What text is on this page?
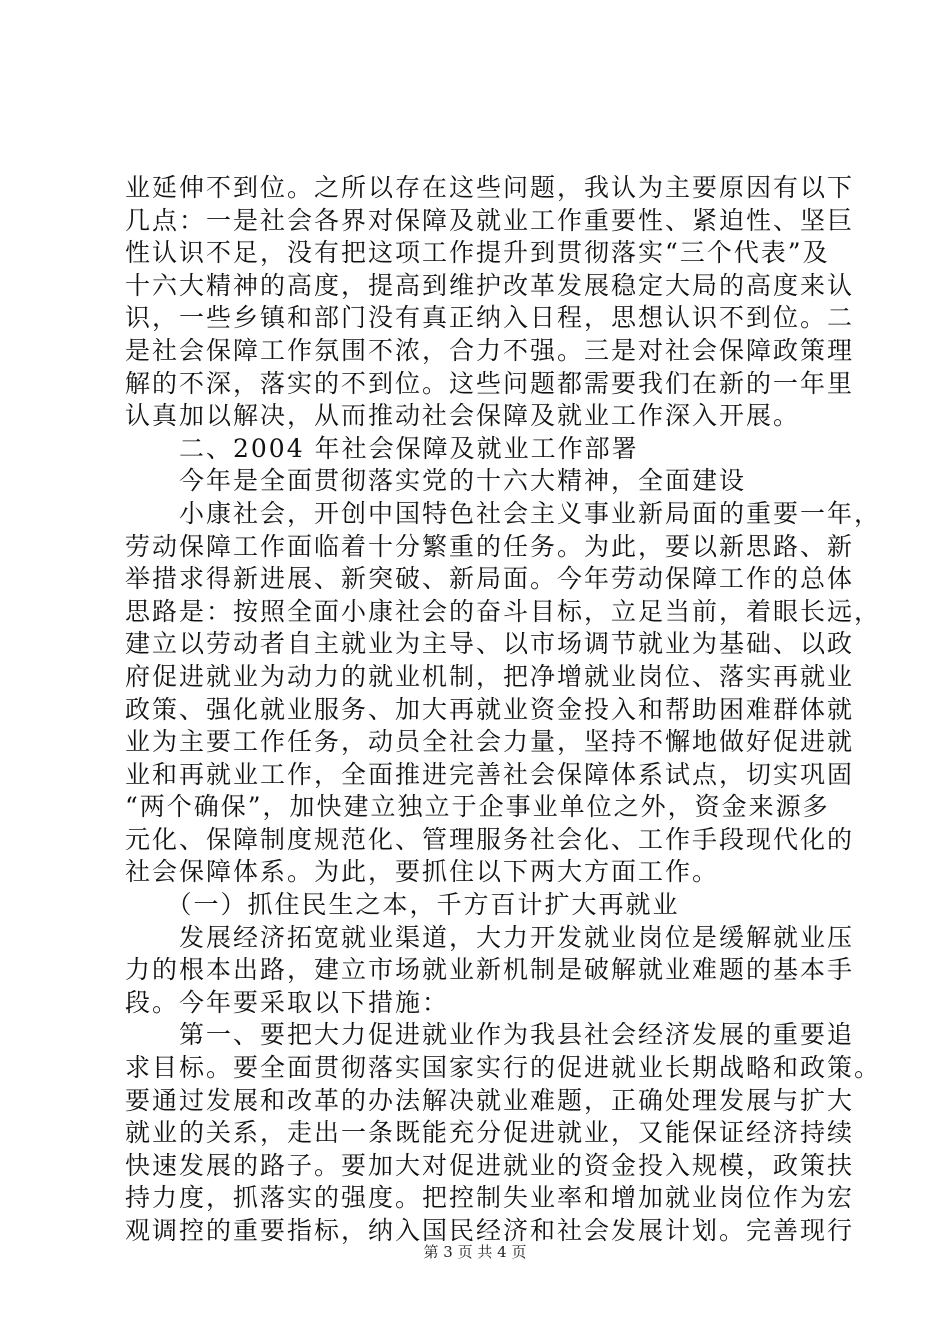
业延伸不到位。之所以存在这些问题，我认为主要原因有以下
几点：一是社会各界对保障及就业工作重要性、紧迫性、坚巨
性认识不足，没有把这项工作提升到贯彻落实“三个代表”及
十六大精神的高度，提高到维护改革发展稳定大局的高度来认
识，一些乡镇和部门没有真正纳入日程，思想认识不到位。二
是社会保障工作氛围不浓，合力不强。三是对社会保障政策理
解的不深，落实的不到位。这些问题都需要我们在新的一年里
认真加以解决，从而推动社会保障及就业工作深入开展。
　　二、2004 年社会保障及就业工作部署
　　今年是全面贯彻落实党的十六大精神，全面建设
　　小康社会，开创中国特色社会主义事业新局面的重要一年，
劳动保障工作面临着十分繁重的任务。为此，要以新思路、新
举措求得新进展、新突破、新局面。今年劳动保障工作的总体
思路是：按照全面小康社会的奋斗目标，立足当前，着眼长远，
建立以劳动者自主就业为主导、以市场调节就业为基础、以政
府促进就业为动力的就业机制，把净增就业岗位、落实再就业
政策、强化就业服务、加大再就业资金投入和帮助困难群体就
业为主要工作任务，动员全社会力量，坚持不懈地做好促进就
业和再就业工作，全面推进完善社会保障体系试点，切实巩固
“两个确保”，加快建立独立于企事业单位之外，资金来源多
元化、保障制度规范化、管理服务社会化、工作手段现代化的
社会保障体系。为此，要抓住以下两大方面工作。
　　（一）抓住民生之本，千方百计扩大再就业
　　发展经济拓宽就业渠道，大力开发就业岗位是缓解就业压
力的根本出路，建立市场就业新机制是破解就业难题的基本手
段。今年要采取以下措施：
　　第一、要把大力促进就业作为我县社会经济发展的重要追
求目标。要全面贯彻落实国家实行的促进就业长期战略和政策。
要通过发展和改革的办法解决就业难题，正确处理发展与扩大
就业的关系，走出一条既能充分促进就业，又能保证经济持续
快速发展的路子。要加大对促进就业的资金投入规模，政策扶
持力度，抓落实的强度。把控制失业率和增加就业岗位作为宏
观调控的重要指标，纳入国民经济和社会发展计划。完善现行
第 3 页 共 4 页
